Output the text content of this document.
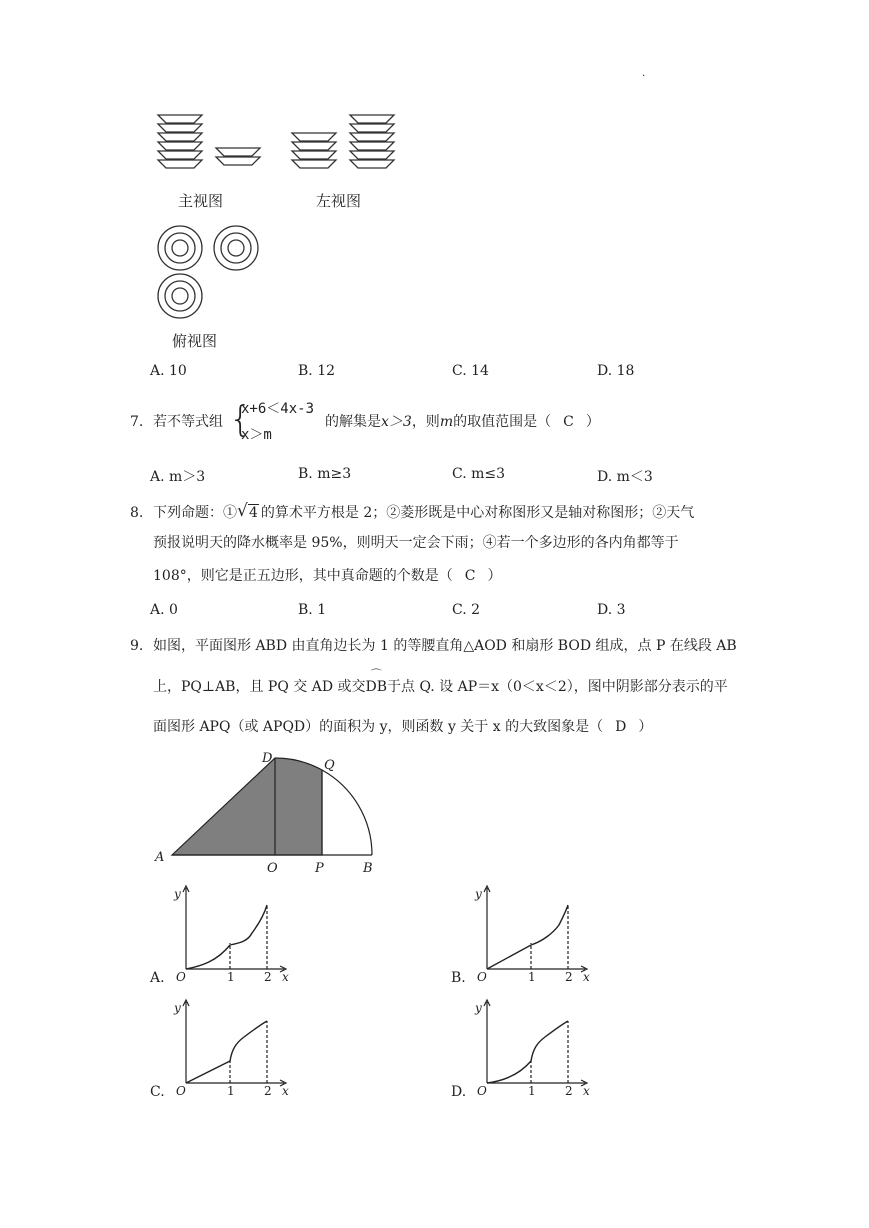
.
主视图	左视图
俯视图
A. 10	B. 12	C. 14	D. 18
7. 若不等式组 {
x+6＜4x-3
x＞m
的解集是x＞3，则m的取值范围是（ C ）
A. m＞3	B. m≥3	C. m≤3	D. m＜3
8. 下列命题：① √ 4 的算术平方根是 2；②菱形既是中心对称图形又是轴对称图形；②天气
预报说明天的降水概率是 95%，则明天一定会下雨；④若一个多边形的各内角都等于
108°，则它是正五边形，其中真命题的个数是（ C ）
A. 0	B. 1	C. 2	D. 3
9. 如图，平面图形 ABD 由直角边长为 1 的等腰直角△AOD 和扇形 BOD 组成，点 P 在线段 AB
上，PQ⊥AB，且 PQ 交 AD 或交
⌒
DB于点 Q. 设 AP＝x（0＜x＜2），图中阴影部分表示的平
面图形 APQ（或 APQD）的面积为 y，则函数 y 关于 x 的大致图象是（ D ）
A
D	Q
O	P	B
y
O	1 2 x
A.
y
O	1 2 x
B.
y
O	1 2 x
C.
y
O	1 2 x
D.
